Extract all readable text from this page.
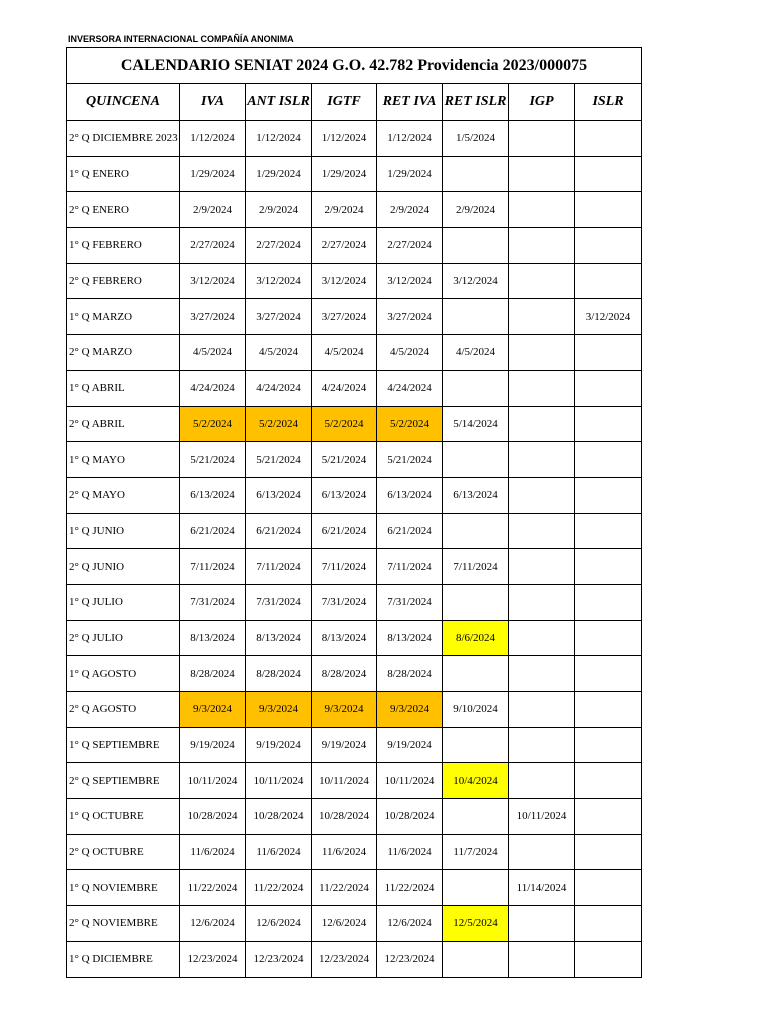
INVERSORA INTERNACIONAL COMPAÑÍA ANONIMA
CALENDARIO SENIAT 2024 G.O. 42.782 Providencia 2023/000075							
QUINCENA	IVA	ANT ISLR	IGTF	RET IVA	RET ISLR	IGP	ISLR
2° Q DICIEMBRE 2023	1/12/2024	1/12/2024	1/12/2024	1/12/2024	1/5/2024		
1° Q ENERO	1/29/2024	1/29/2024	1/29/2024	1/29/2024			
2° Q ENERO	2/9/2024	2/9/2024	2/9/2024	2/9/2024	2/9/2024		
1° Q FEBRERO	2/27/2024	2/27/2024	2/27/2024	2/27/2024			
2° Q FEBRERO	3/12/2024	3/12/2024	3/12/2024	3/12/2024	3/12/2024		
1° Q MARZO	3/27/2024	3/27/2024	3/27/2024	3/27/2024			3/12/2024
2° Q MARZO	4/5/2024	4/5/2024	4/5/2024	4/5/2024	4/5/2024		
1° Q ABRIL	4/24/2024	4/24/2024	4/24/2024	4/24/2024			
2° Q ABRIL	5/2/2024	5/2/2024	5/2/2024	5/2/2024	5/14/2024		
1° Q MAYO	5/21/2024	5/21/2024	5/21/2024	5/21/2024			
2° Q MAYO	6/13/2024	6/13/2024	6/13/2024	6/13/2024	6/13/2024		
1° Q JUNIO	6/21/2024	6/21/2024	6/21/2024	6/21/2024			
2° Q JUNIO	7/11/2024	7/11/2024	7/11/2024	7/11/2024	7/11/2024		
1° Q JULIO	7/31/2024	7/31/2024	7/31/2024	7/31/2024			
2° Q JULIO	8/13/2024	8/13/2024	8/13/2024	8/13/2024	8/6/2024		
1° Q AGOSTO	8/28/2024	8/28/2024	8/28/2024	8/28/2024			
2° Q AGOSTO	9/3/2024	9/3/2024	9/3/2024	9/3/2024	9/10/2024		
1° Q SEPTIEMBRE	9/19/2024	9/19/2024	9/19/2024	9/19/2024			
2° Q SEPTIEMBRE	10/11/2024	10/11/2024	10/11/2024	10/11/2024	10/4/2024		
1° Q OCTUBRE	10/28/2024	10/28/2024	10/28/2024	10/28/2024		10/11/2024	
2° Q OCTUBRE	11/6/2024	11/6/2024	11/6/2024	11/6/2024	11/7/2024		
1° Q NOVIEMBRE	11/22/2024	11/22/2024	11/22/2024	11/22/2024		11/14/2024	
2° Q NOVIEMBRE	12/6/2024	12/6/2024	12/6/2024	12/6/2024	12/5/2024		
1° Q DICIEMBRE	12/23/2024	12/23/2024	12/23/2024	12/23/2024			
